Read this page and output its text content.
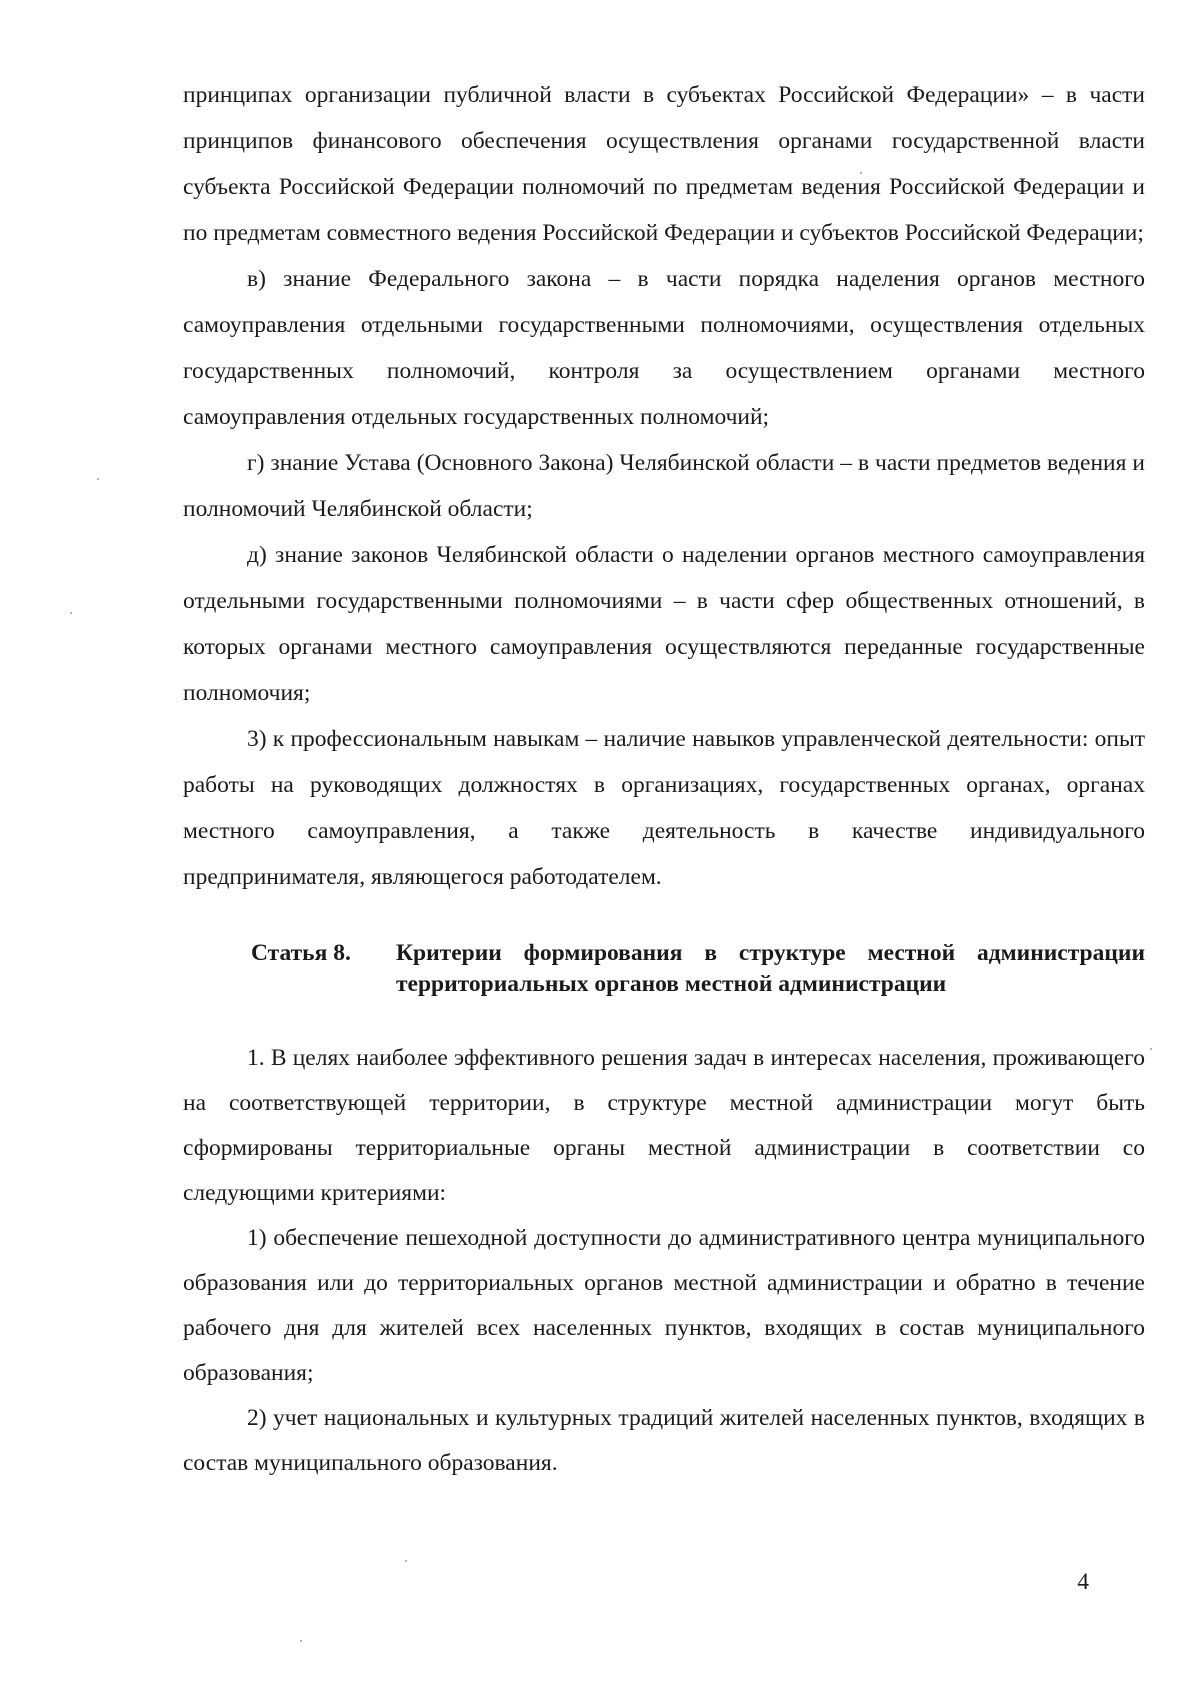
принципах организации публичной власти в субъектах Российской Федерации» – в части принципов финансового обеспечения осуществления органами государственной власти субъекта Российской Федерации полномочий по предметам ведения Российской Федерации и по предметам совместного ведения Российской Федерации и субъектов Российской Федерации;

в) знание Федерального закона – в части порядка наделения органов местного самоуправления отдельными государственными полномочиями, осуществления отдельных государственных полномочий, контроля за осуществлением органами местного самоуправления отдельных государственных полномочий;

г) знание Устава (Основного Закона) Челябинской области – в части предметов ведения и полномочий Челябинской области;

д) знание законов Челябинской области о наделении органов местного самоуправления отдельными государственными полномочиями – в части сфер общественных отношений, в которых органами местного самоуправления осуществляются переданные государственные полномочия;

3) к профессиональным навыкам – наличие навыков управленческой деятельности: опыт работы на руководящих должностях в организациях, государственных органах, органах местного самоуправления, а также деятельность в качестве индивидуального предпринимателя, являющегося работодателем.

Статья 8. Критерии формирования в структуре местной администрации территориальных органов местной администрации

1. В целях наиболее эффективного решения задач в интересах населения, проживающего на соответствующей территории, в структуре местной администрации могут быть сформированы территориальные органы местной администрации в соответствии со следующими критериями:

1) обеспечение пешеходной доступности до административного центра муниципального образования или до территориальных органов местной администрации и обратно в течение рабочего дня для жителей всех населенных пунктов, входящих в состав муниципального образования;

2) учет национальных и культурных традиций жителей населенных пунктов, входящих в состав муниципального образования.

4
